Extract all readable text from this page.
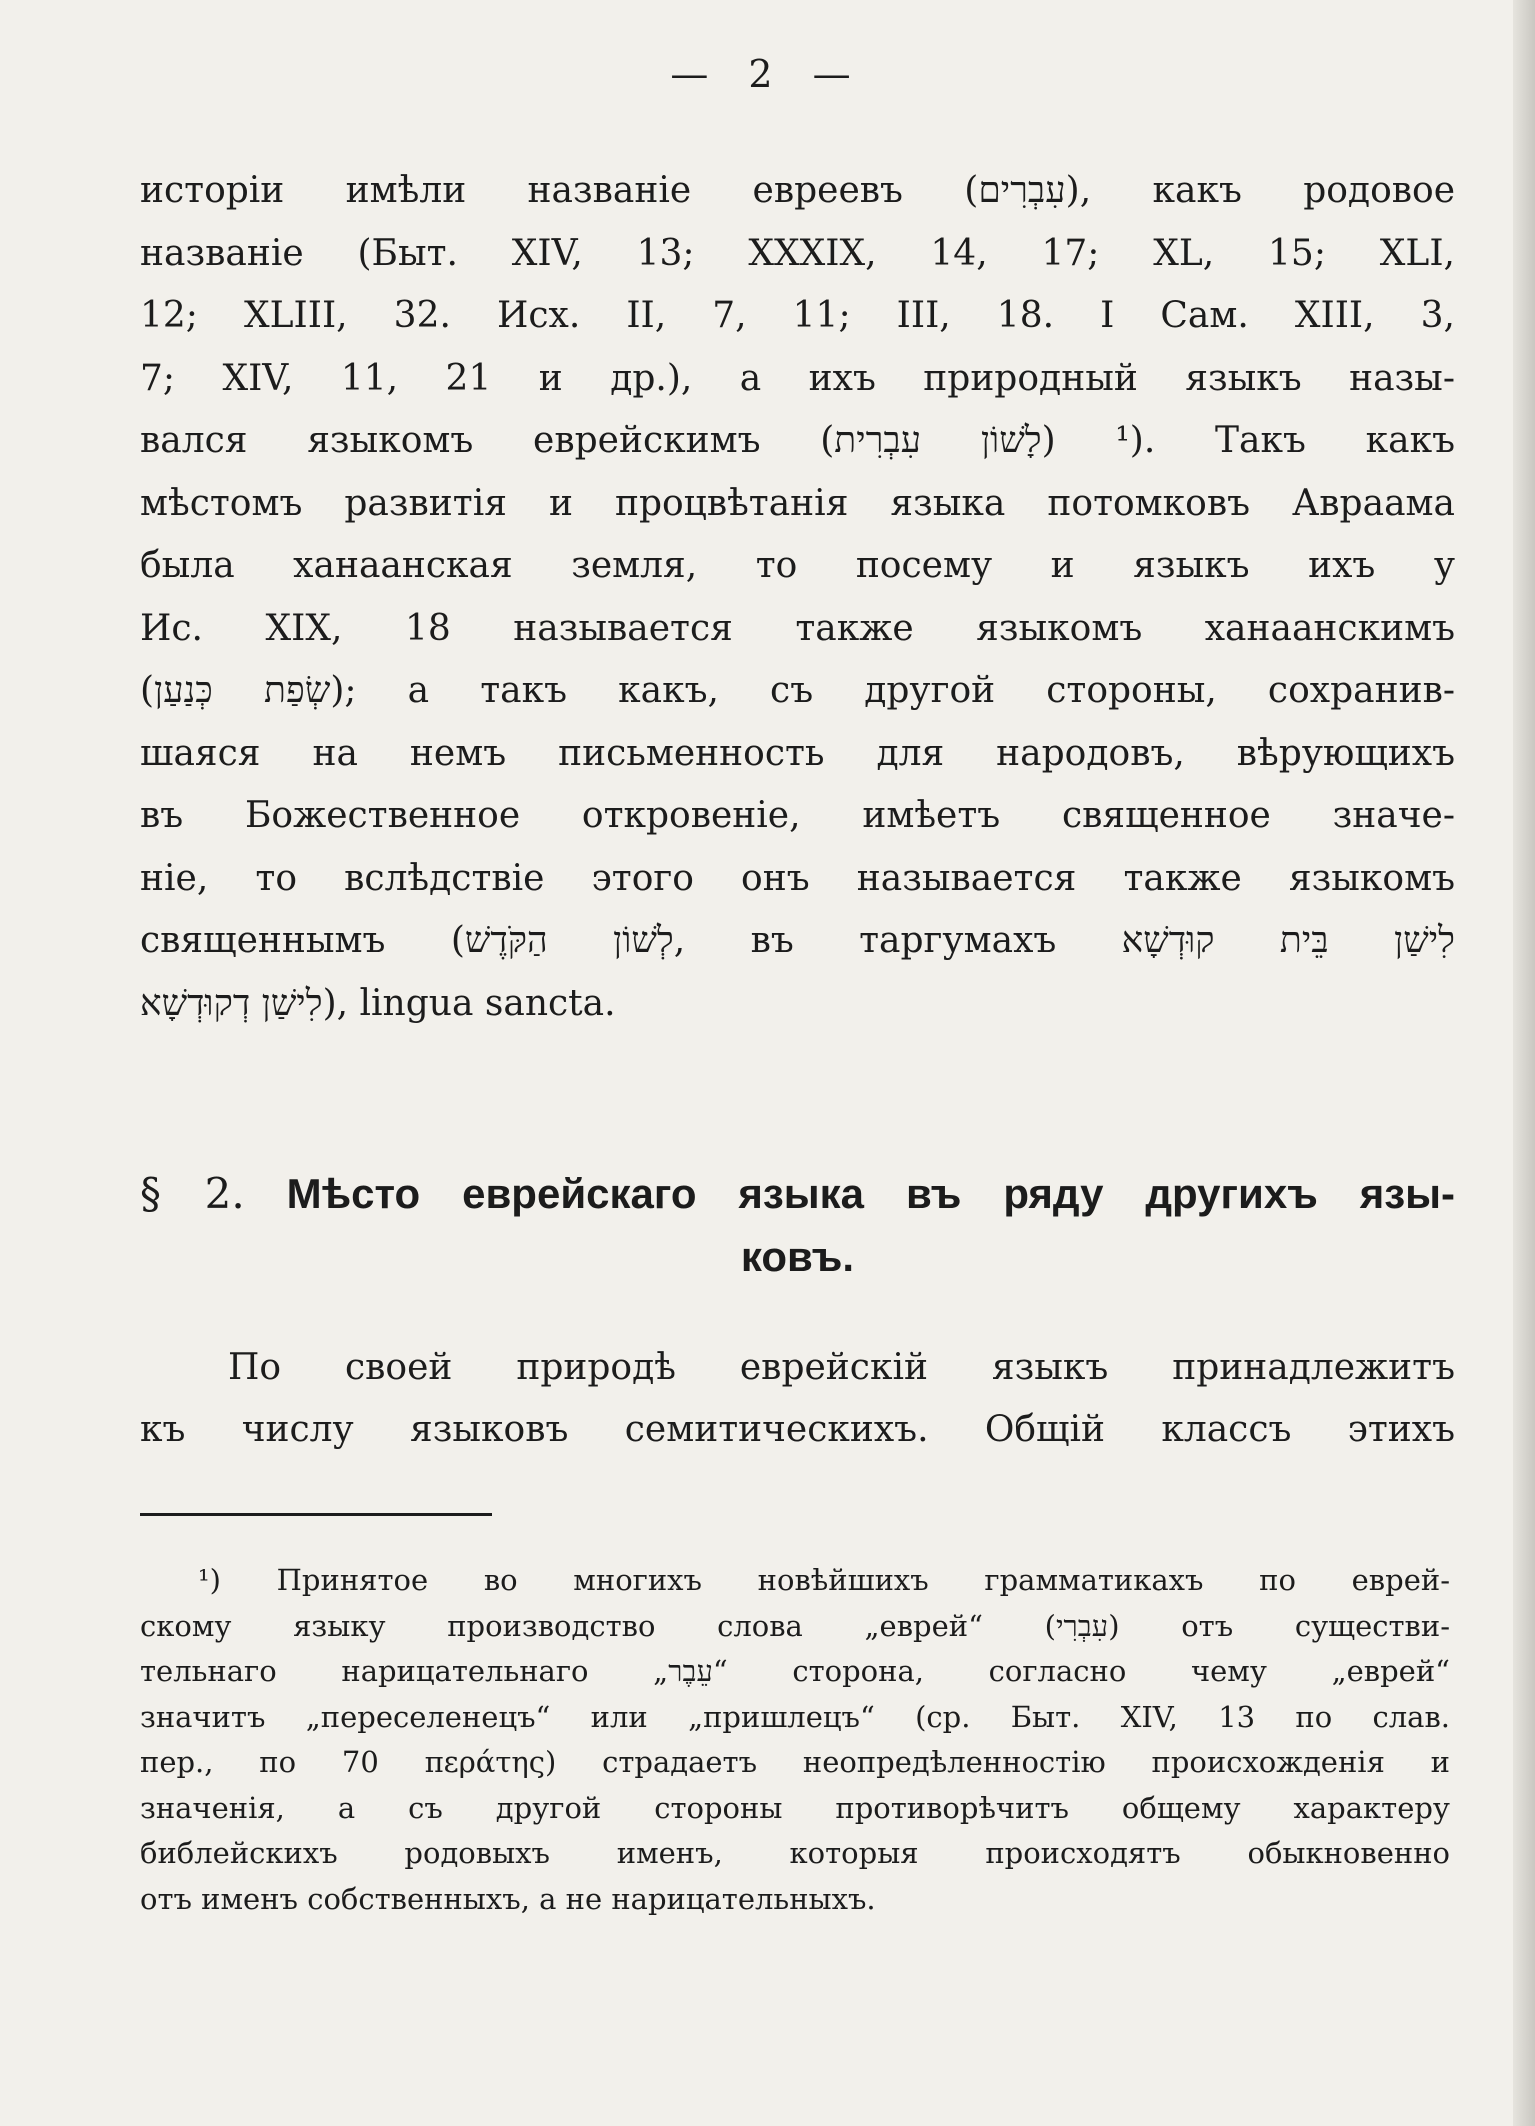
— 2 —
исторіи имѣли названіе евреевъ (עִבְרִים), какъ родовое
названіе (Быт. XIV, 13; XXXIX, 14, 17; XL, 15; XLI,
12; XLIII, 32. Исх. II, 7, 11; III, 18. I Сам. XIII, 3,
7; XIV, 11, 21 и др.), а ихъ природный языкъ назы-
вался языкомъ еврейскимъ (לָשׁוֹן עִבְרִית) ¹). Такъ какъ
мѣстомъ развитія и процвѣтанія языка потомковъ Авраама
была ханаанская земля, то посему и языкъ ихъ у
Ис. XIX, 18 называется также языкомъ ханаанскимъ
(שְׂפַת כְּנַעַן); а такъ какъ, съ другой стороны, сохранив-
шаяся на немъ письменность для народовъ, вѣрующихъ
въ Божественное откровеніе, имѣетъ священное значе-
ніе, то вслѣдствіе этого онъ называется также языкомъ
священнымъ (לְשׁוֹן הַקֹּדֶשׁ, въ таргумахъ לִישַׁן בֵּית קוּדְשָׁא
לִישַׁן דְקוּדְשָׁא), lingua sancta.
§ 2. Мѣсто еврейскаго языка въ ряду другихъ язы-
ковъ.
По своей природѣ еврейскій языкъ принадлежитъ
къ числу языковъ семитическихъ. Общій классъ этихъ
¹) Принятое во многихъ новѣйшихъ грамматикахъ по еврей-
скому языку производство слова „еврей“ (עִבְרִי) отъ существи-
тельнаго нарицательнаго „עֵבֶר“ сторона, согласно чему „еврей“
значитъ „переселенецъ“ или „пришлецъ“ (ср. Быт. XIV, 13 по слав.
пер., по 70 περάτης) страдаетъ неопредѣленностію происхожденія и
значенія, а съ другой стороны противорѣчитъ общему характеру
библейскихъ родовыхъ именъ, которыя происходятъ обыкновенно
отъ именъ собственныхъ, а не нарицательныхъ.
